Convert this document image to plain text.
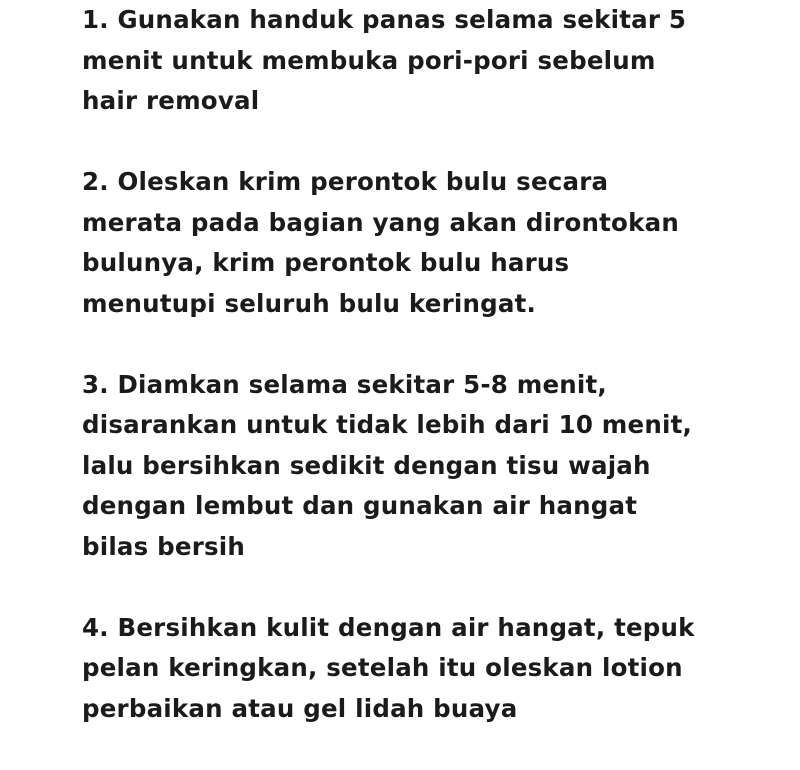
1. Gunakan handuk panas selama sekitar 5
menit untuk membuka pori-pori sebelum
hair removal
2. Oleskan krim perontok bulu secara
merata pada bagian yang akan dirontokan
bulunya, krim perontok bulu harus
menutupi seluruh bulu keringat.
3. Diamkan selama sekitar 5-8 menit,
disarankan untuk tidak lebih dari 10 menit,
lalu bersihkan sedikit dengan tisu wajah
dengan lembut dan gunakan air hangat
bilas bersih
4. Bersihkan kulit dengan air hangat, tepuk
pelan keringkan, setelah itu oleskan lotion
perbaikan atau gel lidah buaya
